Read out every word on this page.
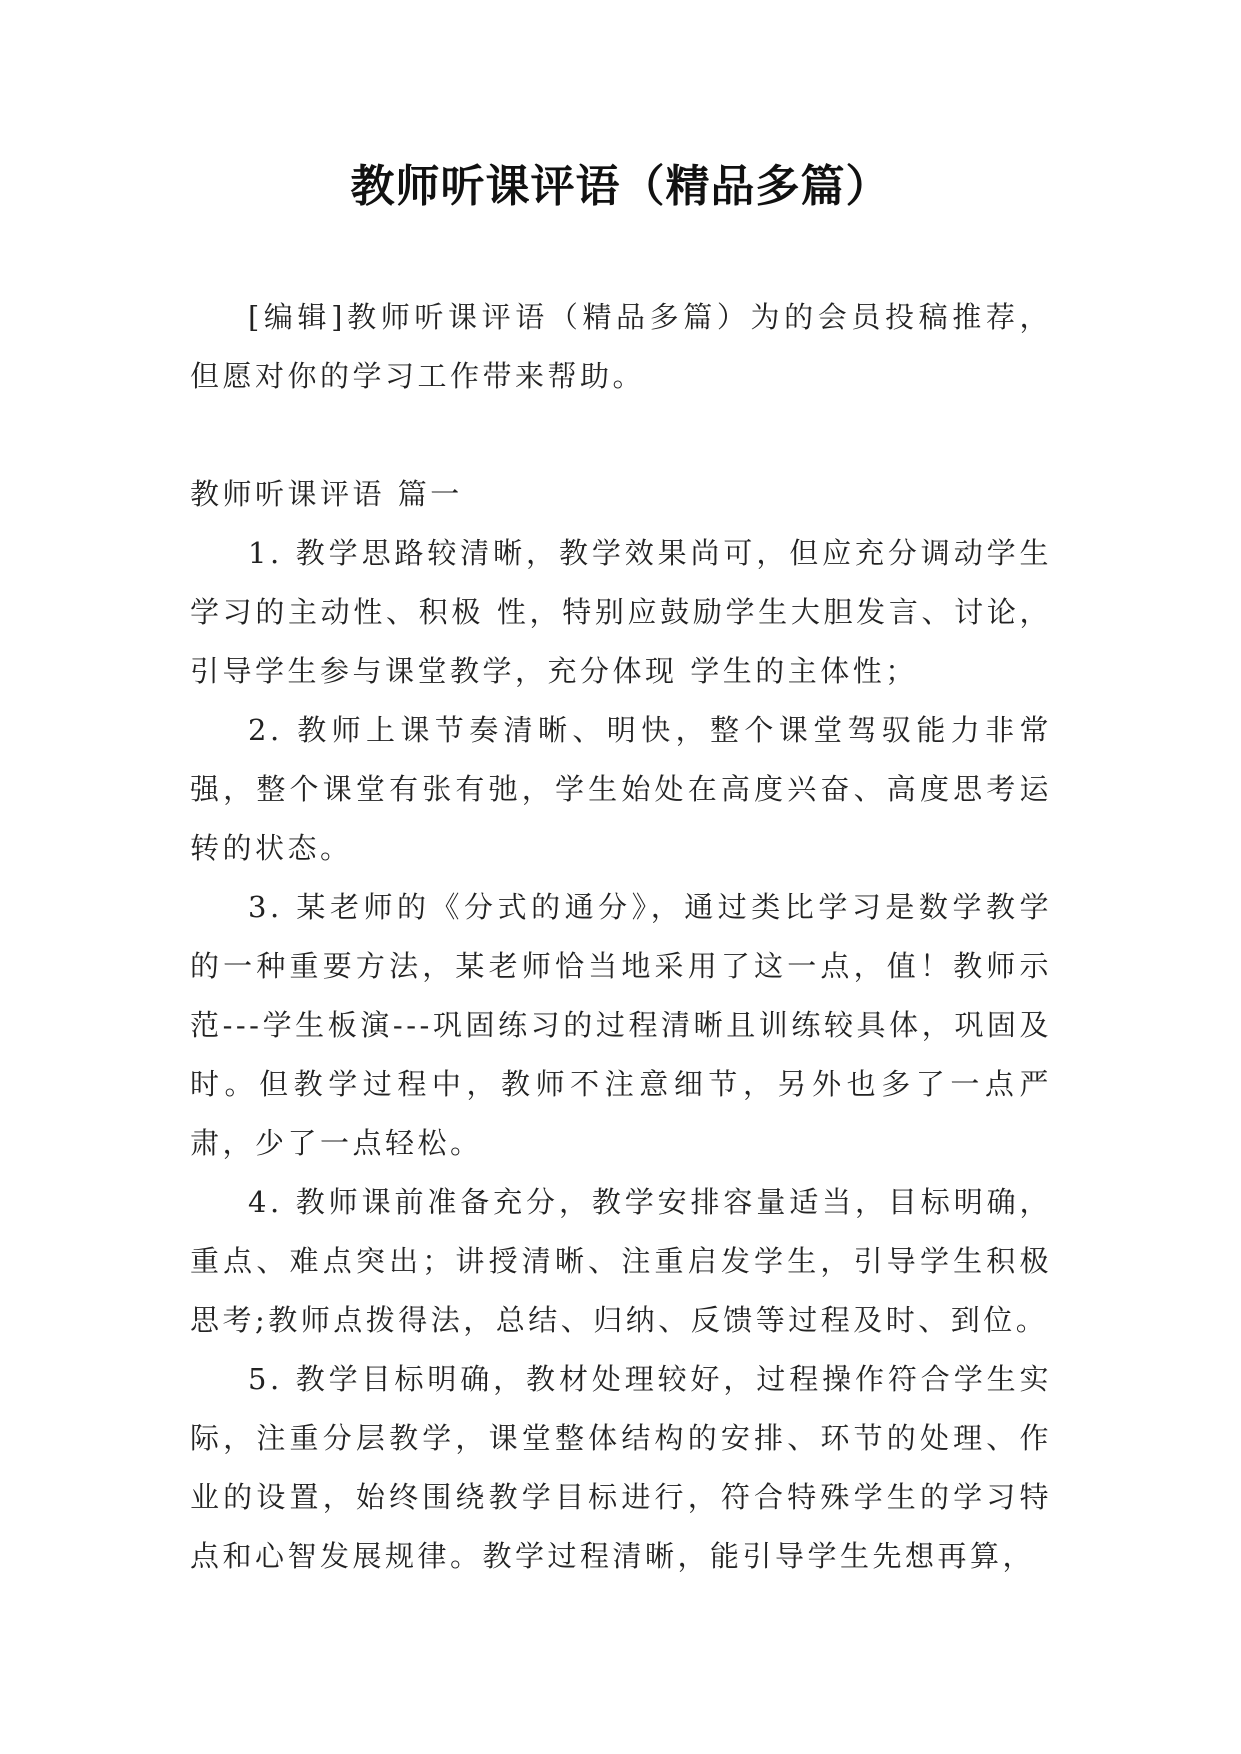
教师听课评语（精品多篇）

[编辑]教师听课评语（精品多篇）为的会员投稿推荐，但愿对你的学习工作带来帮助。

教师听课评语 篇一

1. 教学思路较清晰，教学效果尚可，但应充分调动学生学习的主动性、积极 性，特别应鼓励学生大胆发言、讨论，引导学生参与课堂教学，充分体现 学生的主体性；

2. 教师上课节奏清晰、明快，整个课堂驾驭能力非常强，整个课堂有张有弛，学生始处在高度兴奋、高度思考运转的状态。

3. 某老师的《分式的通分》，通过类比学习是数学教学的一种重要方法，某老师恰当地采用了这一点，值！教师示范---学生板演---巩固练习的过程清晰且训练较具体，巩固及时。但教学过程中，教师不注意细节，另外也多了一点严肃，少了一点轻松。

4. 教师课前准备充分，教学安排容量适当，目标明确，重点、难点突出；讲授清晰、注重启发学生，引导学生积极思考;教师点拨得法，总结、归纳、反馈等过程及时、到位。

5. 教学目标明确，教材处理较好，过程操作符合学生实际，注重分层教学，课堂整体结构的安排、环节的处理、作业的设置，始终围绕教学目标进行，符合特殊学生的学习特点和心智发展规律。教学过程清晰，能引导学生先想再算，
